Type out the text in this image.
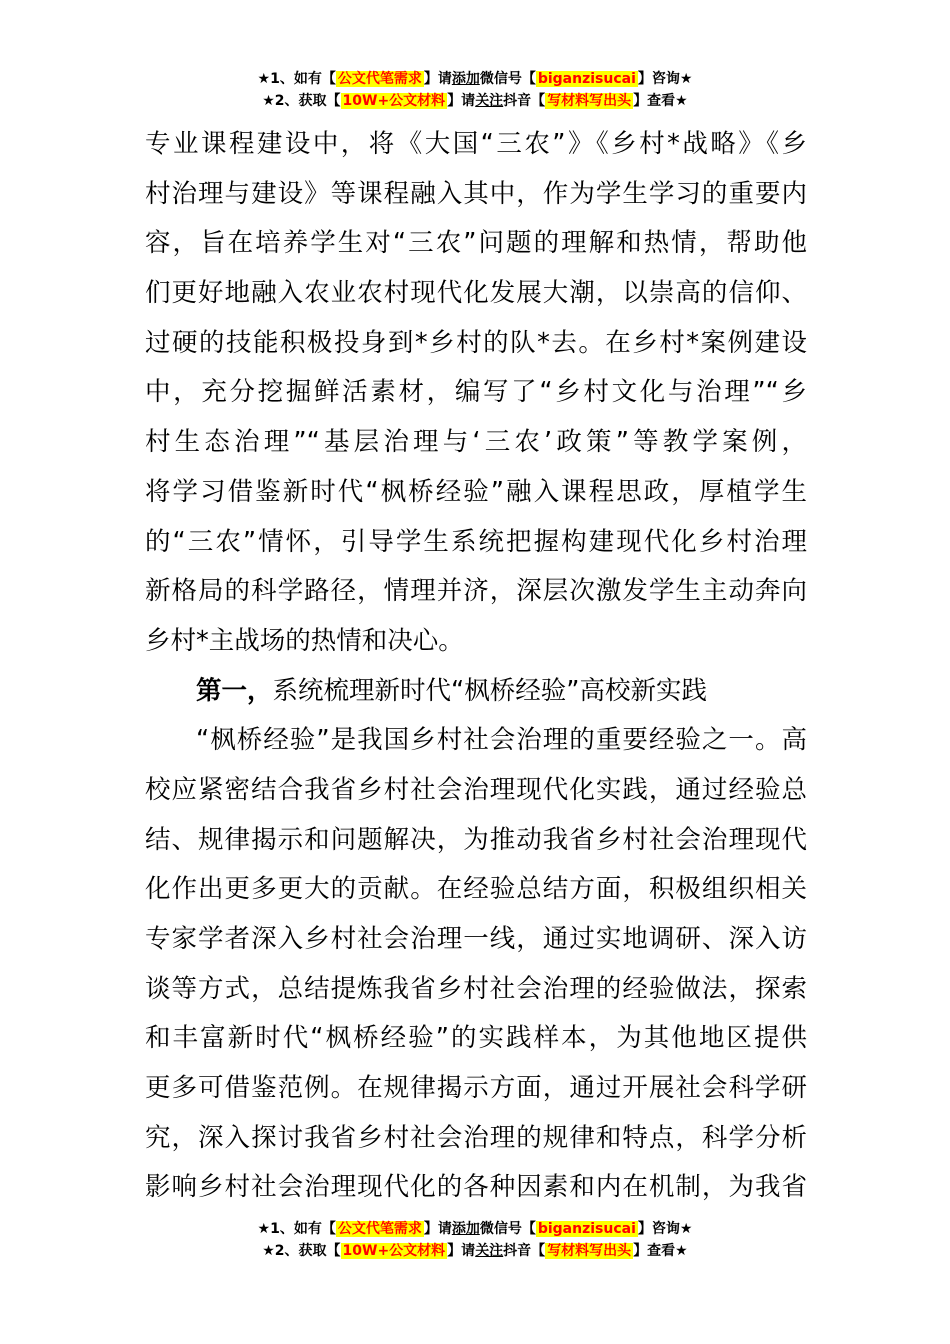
★1、如有【 公文代笔需求 】请添加微信号【 biganzisucai 】咨询★
★2、获取【 10W+公文材料 】请关注抖音【 写材料写出头 】查看★
专业课程建设中，将《大国“三农”》《乡村*战略》《乡
村治理与建设》等课程融入其中，作为学生学习的重要内
容，旨在培养学生对“三农”问题的理解和热情，帮助他
们更好地融入农业农村现代化发展大潮，以崇高的信仰、
过硬的技能积极投身到*乡村的队*去。在乡村*案例建设
中，充分挖掘鲜活素材，编写了“乡村文化与治理”“乡
村生态治理”“基层治理与‘三农’政策”等教学案例，
将学习借鉴新时代“枫桥经验”融入课程思政，厚植学生
的“三农”情怀，引导学生系统把握构建现代化乡村治理
新格局的科学路径，情理并济，深层次激发学生主动奔向
乡村*主战场的热情和决心。
第一，系统梳理新时代“枫桥经验”高校新实践
“枫桥经验”是我国乡村社会治理的重要经验之一。高
校应紧密结合我省乡村社会治理现代化实践，通过经验总
结、规律揭示和问题解决，为推动我省乡村社会治理现代
化作出更多更大的贡献。在经验总结方面，积极组织相关
专家学者深入乡村社会治理一线，通过实地调研、深入访
谈等方式，总结提炼我省乡村社会治理的经验做法，探索
和丰富新时代“枫桥经验”的实践样本，为其他地区提供
更多可借鉴范例。在规律揭示方面，通过开展社会科学研
究，深入探讨我省乡村社会治理的规律和特点，科学分析
影响乡村社会治理现代化的各种因素和内在机制，为我省
★1、如有【 公文代笔需求 】请添加微信号【 biganzisucai 】咨询★
★2、获取【 10W+公文材料 】请关注抖音【 写材料写出头 】查看★
